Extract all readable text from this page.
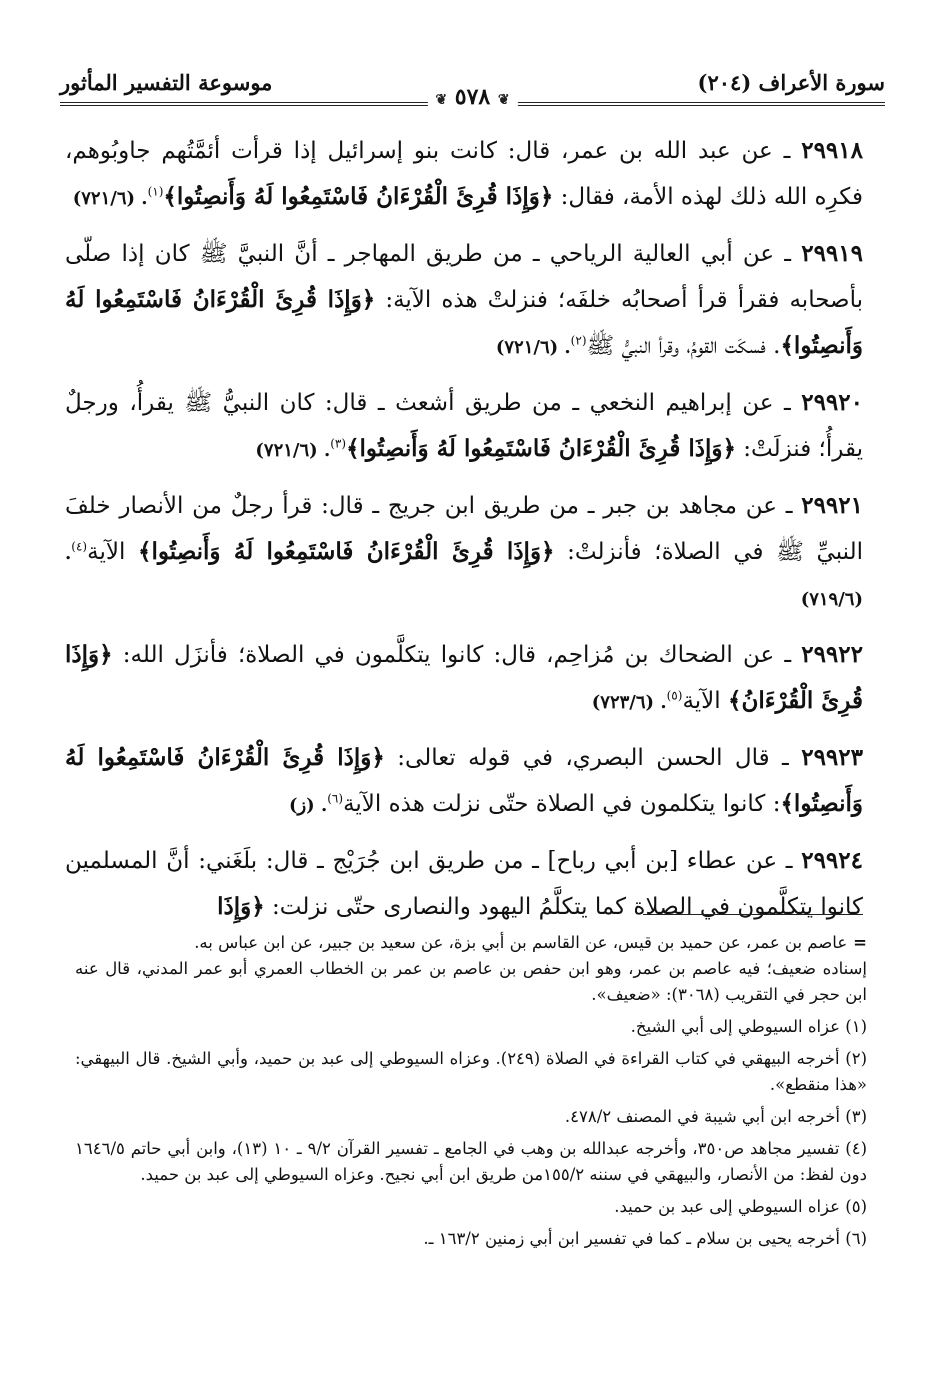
سورة الأعراف (٢٠٤)
❦ ٥٧٨ ❦
موسوعة التفسير المأثور

٢٩٩١٨ ـ عن عبد الله بن عمر، قال: كانت بنو إسرائيل إذا قرأت أئمَّتُهم جاوبُوهم، فكرِه الله ذلك لهذه الأمة، فقال: ﴿وَإِذَا قُرِئَ الْقُرْءَانُ فَاسْتَمِعُوا لَهُ وَأَنصِتُوا﴾$^{(١)}$. (٧٢١/٦)

٢٩٩١٩ ـ عن أبي العالية الرياحي ـ من طريق المهاجر ـ أنَّ النبيَّ ﷺ كان إذا صلّى بأصحابه فقرأ قرأ أصحابُه خلفَه؛ فنزلتْ هذه الآية: ﴿وَإِذَا قُرِئَ الْقُرْءَانُ فَاسْتَمِعُوا لَهُ وَأَنصِتُوا﴾. فسكَت القومُ، وقرأ النبيُّ ﷺ$^{(٢)}$. (٧٢١/٦)

٢٩٩٢٠ ـ عن إبراهيم النخعي ـ من طريق أشعث ـ قال: كان النبيُّ ﷺ يقرأُ، ورجلٌ يقرأُ؛ فنزلَتْ: ﴿وَإِذَا قُرِئَ الْقُرْءَانُ فَاسْتَمِعُوا لَهُ وَأَنصِتُوا﴾$^{(٣)}$. (٧٢١/٦)

٢٩٩٢١ ـ عن مجاهد بن جبر ـ من طريق ابن جريج ـ قال: قرأ رجلٌ من الأنصار خلفَ النبيِّ ﷺ في الصلاة؛ فأنزلتْ: ﴿وَإِذَا قُرِئَ الْقُرْءَانُ فَاسْتَمِعُوا لَهُ وَأَنصِتُوا﴾ الآية$^{(٤)}$. (٧١٩/٦)

٢٩٩٢٢ ـ عن الضحاك بن مُزاحِم، قال: كانوا يتكلَّمون في الصلاة؛ فأنزَل الله: ﴿وَإِذَا قُرِئَ الْقُرْءَانُ﴾ الآية$^{(٥)}$. (٧٢٣/٦)

٢٩٩٢٣ ـ قال الحسن البصري، في قوله تعالى: ﴿وَإِذَا قُرِئَ الْقُرْءَانُ فَاسْتَمِعُوا لَهُ وَأَنصِتُوا﴾: كانوا يتكلمون في الصلاة حتّى نزلت هذه الآية$^{(٦)}$. (ز)

٢٩٩٢٤ ـ عن عطاء [بن أبي رباح] ـ من طريق ابن جُرَيْج ـ قال: بلَغَني: أنَّ المسلمين كانوا يتكلَّمون في الصلاة كما يتكلَّمُ اليهود والنصارى حتّى نزلت: ﴿وَإِذَا

=عاصم بن عمر، عن حميد بن قيس، عن القاسم بن أبي بزة، عن سعيد بن جبير، عن ابن عباس به.
إسناده ضعيف؛ فيه عاصم بن عمر، وهو ابن حفص بن عاصم بن عمر بن الخطاب العمري أبو عمر المدني، قال عنه ابن حجر في التقريب (٣٠٦٨): «ضعيف».

(١) عزاه السيوطي إلى أبي الشيخ.

(٢) أخرجه البيهقي في كتاب القراءة في الصلاة (٢٤٩). وعزاه السيوطي إلى عبد بن حميد، وأبي الشيخ. قال البيهقي: «هذا منقطع».

(٣) أخرجه ابن أبي شيبة في المصنف ٤٧٨/٢.

(٤) تفسير مجاهد ص٣٥٠، وأخرجه عبدالله بن وهب في الجامع ـ تفسير القرآن ٩/٢ ـ ١٠ (١٣)، وابن أبي حاتم ١٦٤٦/٥ دون لفظ: من الأنصار، والبيهقي في سننه ١٥٥/٢من طريق ابن أبي نجيح. وعزاه السيوطي إلى عبد بن حميد.

(٥) عزاه السيوطي إلى عبد بن حميد.

(٦) أخرجه يحيى بن سلام ـ كما في تفسير ابن أبي زمنين ١٦٣/٢ ـ.
